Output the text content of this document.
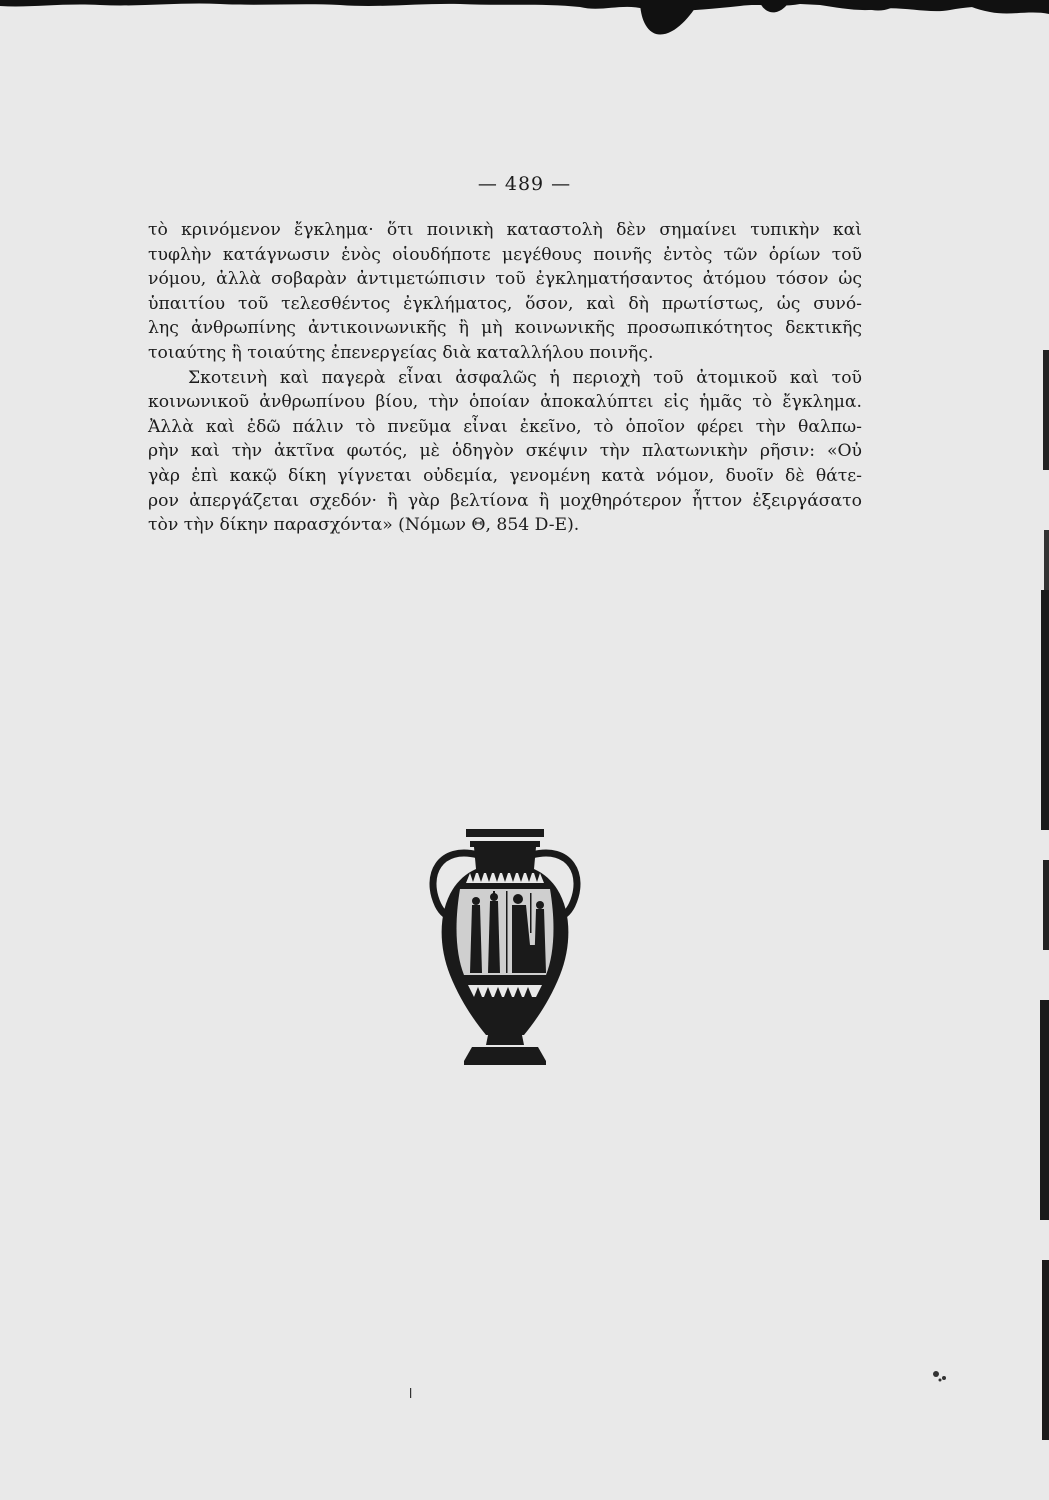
— 489 —

τὸ κρινόμενον ἔγκλημα· ὅτι ποινικὴ καταστολὴ δὲν σημαίνει τυπικὴν καὶ
τυφλὴν κατάγνωσιν ἑνὸς οἱουδήποτε μεγέθους ποινῆς ἐντὸς τῶν ὁρίων τοῦ
νόμου, ἀλλὰ σοβαρὰν ἀντιμετώπισιν τοῦ ἐγκληματήσαντος ἀτόμου τόσον ὡς
ὑπαιτίου τοῦ τελεσθέντος ἐγκλήματος, ὅσον, καὶ δὴ πρωτίστως, ὡς συνό-
λης ἀνθρωπίνης ἀντικοινωνικῆς ἢ μὴ κοινωνικῆς προσωπικότητος δεκτικῆς
τοιαύτης ἢ τοιαύτης ἐπενεργείας διὰ καταλλήλου ποινῆς.

Σκοτεινὴ καὶ παγερὰ εἶναι ἀσφαλῶς ἡ περιοχὴ τοῦ ἀτομικοῦ καὶ τοῦ
κοινωνικοῦ ἀνθρωπίνου βίου, τὴν ὁποίαν ἀποκαλύπτει εἰς ἡμᾶς τὸ ἔγκλημα.
Ἀλλὰ καὶ ἐδῶ πάλιν τὸ πνεῦμα εἶναι ἐκεῖνο, τὸ ὁποῖον φέρει τὴν θαλπω-
ρὴν καὶ τὴν ἀκτῖνα φωτός, μὲ ὁδηγὸν σκέψιν τὴν πλατωνικὴν ρῆσιν: «Οὐ
γὰρ ἐπὶ κακῷ δίκη γίγνεται οὐδεμία, γενομένη κατὰ νόμον, δυοῖν δὲ θάτε-
ρον ἀπεργάζεται σχεδόν· ἢ γὰρ βελτίονα ἢ μοχθηρότερον ἧττον ἐξειργάσατο
τὸν τὴν δίκην παρασχόντα» (Νόμων Θ, 854 D-E).
